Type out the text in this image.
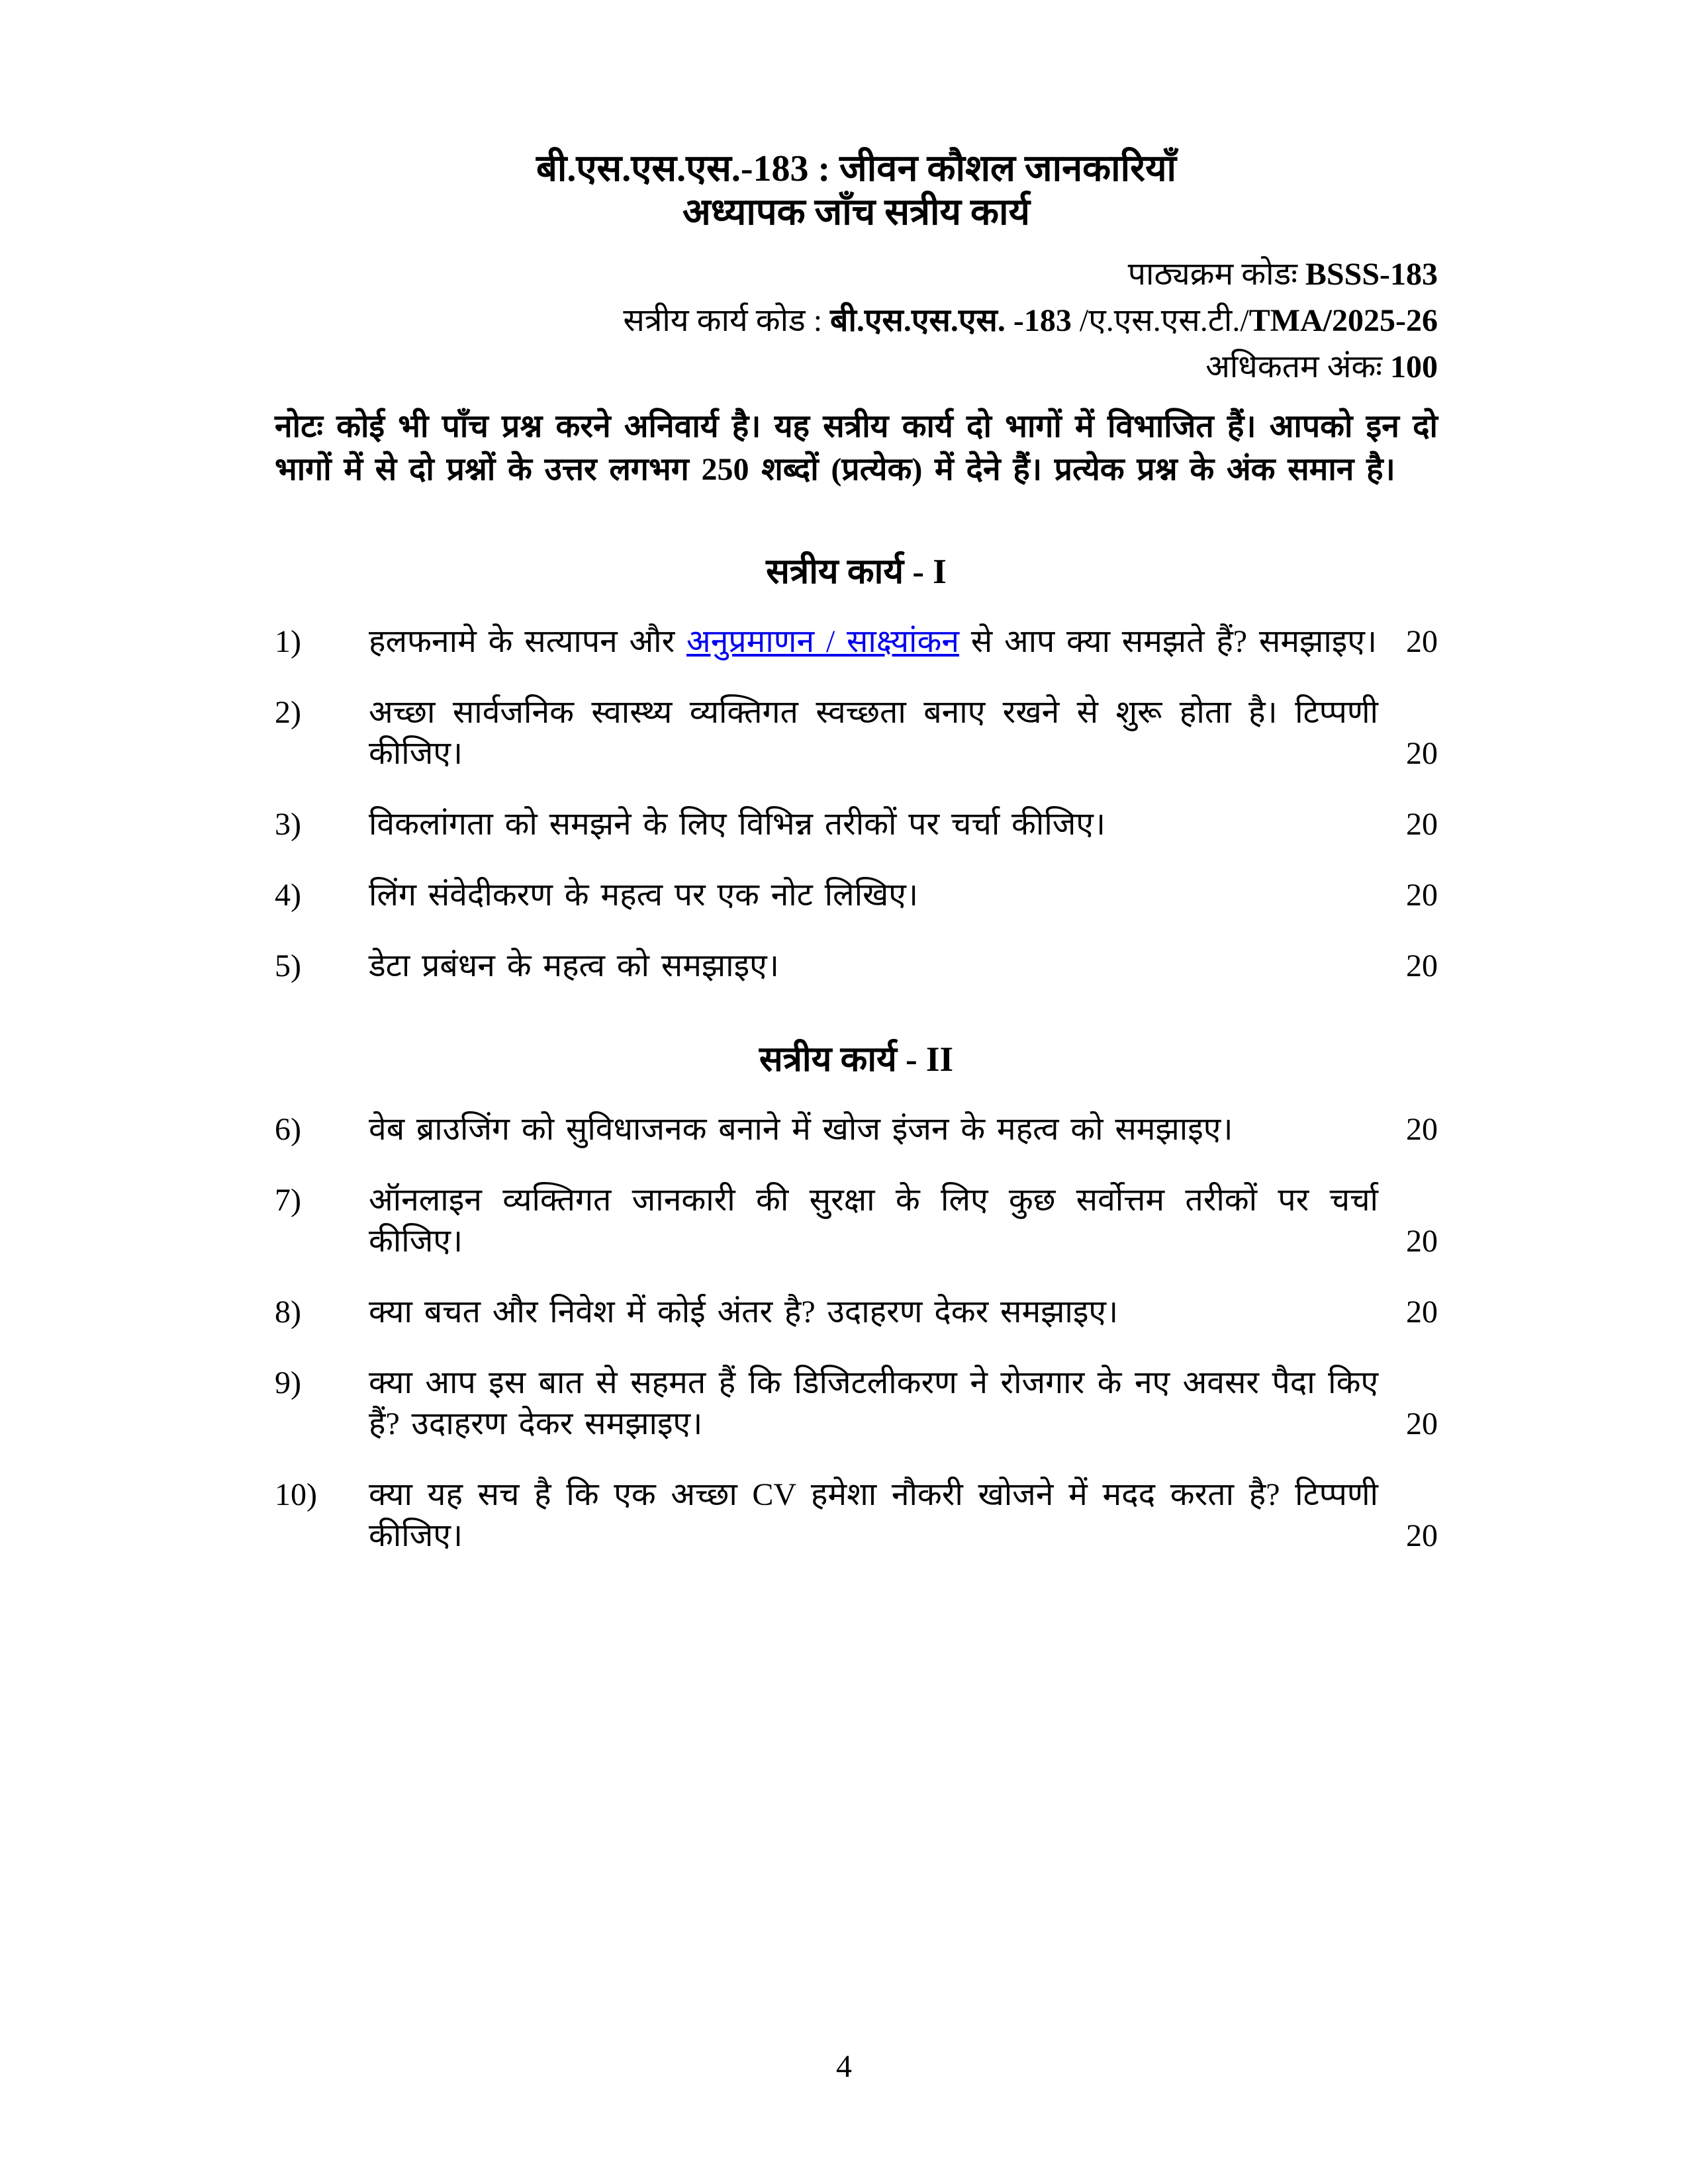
बी.एस.एस.एस.-183 : जीवन कौशल जानकारियाँ
अध्यापक जाँच सत्रीय कार्य
पाठ्यक्रम कोडः BSSS-183
सत्रीय कार्य कोड : बी.एस.एस.एस. -183 /ए.एस.एस.टी./TMA/2025-26
अधिकतम अंकः 100
नोटः कोई भी पाँच प्रश्न करने अनिवार्य है। यह सत्रीय कार्य दो भागों में विभाजित हैं। आपको इन दो भागों में से दो प्रश्नों के उत्तर लगभग 250 शब्दों (प्रत्येक) में देने हैं। प्रत्येक प्रश्न के अंक समान है।
सत्रीय कार्य - I
1)	हलफनामे के सत्यापन और अनुप्रमाणन / साक्ष्यांकन से आप क्या समझते हैं? समझाइए। 20
2)	अच्छा सार्वजनिक स्वास्थ्य व्यक्तिगत स्वच्छता बनाए रखने से शुरू होता है। टिप्पणी कीजिए।	20
3)	विकलांगता को समझने के लिए विभिन्न तरीकों पर चर्चा कीजिए।	20
4)	लिंग संवेदीकरण के महत्व पर एक नोट लिखिए।	20
5)	डेटा प्रबंधन के महत्व को समझाइए।	20
सत्रीय कार्य - II
6)	वेब ब्राउजिंग को सुविधाजनक बनाने में खोज इंजन के महत्व को समझाइए।	20
7)	ऑनलाइन व्यक्तिगत जानकारी की सुरक्षा के लिए कुछ सर्वोत्तम तरीकों पर चर्चा कीजिए।	20
8)	क्या बचत और निवेश में कोई अंतर है? उदाहरण देकर समझाइए।	20
9)	क्या आप इस बात से सहमत हैं कि डिजिटलीकरण ने रोजगार के नए अवसर पैदा किए हैं? उदाहरण देकर समझाइए।	20
10)	क्या यह सच है कि एक अच्छा CV हमेशा नौकरी खोजने में मदद करता है? टिप्पणी कीजिए।	20
4
